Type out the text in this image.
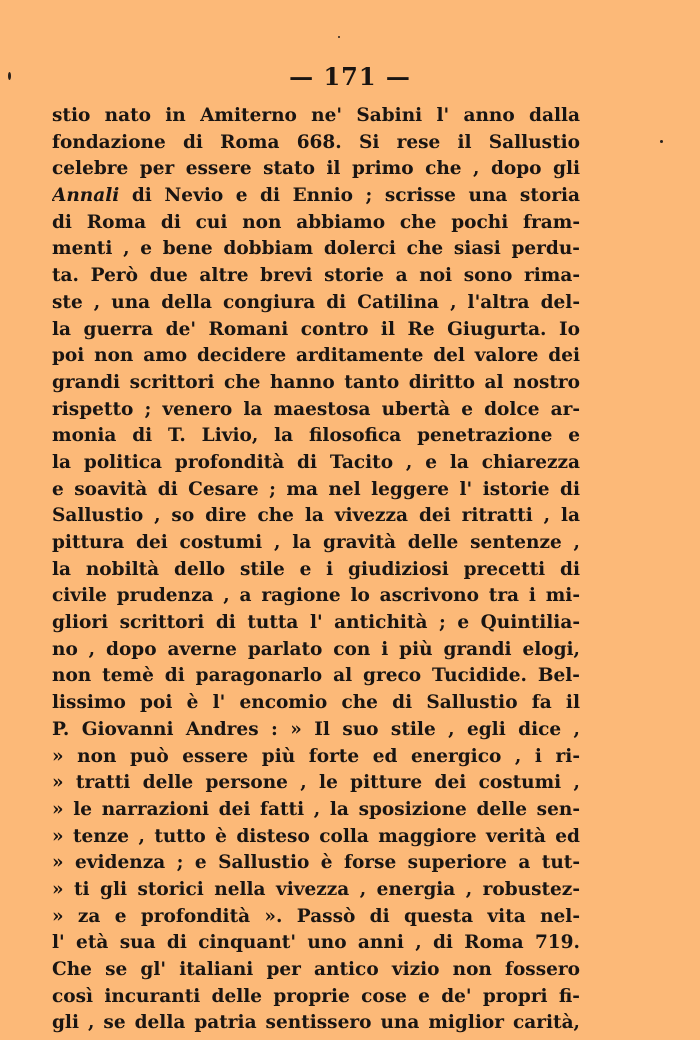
— 171 —
stio nato in Amiterno ne' Sabini l' anno dalla
fondazione di Roma 668. Si rese il Sallustio
celebre per essere stato il primo che , dopo gli
Annali di Nevio e di Ennio ; scrisse una storia
di Roma di cui non abbiamo che pochi fram-
menti , e bene dobbiam dolerci che siasi perdu-
ta. Però due altre brevi storie a noi sono rima-
ste , una della congiura di Catilina , l'altra del-
la guerra de' Romani contro il Re Giugurta. Io
poi non amo decidere arditamente del valore dei
grandi scrittori che hanno tanto diritto al nostro
rispetto ; venero la maestosa ubertà e dolce ar-
monia di T. Livio, la filosofica penetrazione e
la politica profondità di Tacito , e la chiarezza
e soavità di Cesare ; ma nel leggere l' istorie di
Sallustio , so dire che la vivezza dei ritratti , la
pittura dei costumi , la gravità delle sentenze ,
la nobiltà dello stile e i giudiziosi precetti di
civile prudenza , a ragione lo ascrivono tra i mi-
gliori scrittori di tutta l' antichità ; e Quintilia-
no , dopo averne parlato con i più grandi elogi,
non temè di paragonarlo al greco Tucidide. Bel-
lissimo poi è l' encomio che di Sallustio fa il
P. Giovanni Andres : » Il suo stile , egli dice ,
» non può essere più forte ed energico , i ri-
» tratti delle persone , le pitture dei costumi ,
» le narrazioni dei fatti , la sposizione delle sen-
» tenze , tutto è disteso colla maggiore verità ed
» evidenza ; e Sallustio è forse superiore a tut-
» ti gli storici nella vivezza , energia , robustez-
» za e profondità ». Passò di questa vita nel-
l' età sua di cinquant' uno anni , di Roma 719.
Che se gl' italiani per antico vizio non fossero
così incuranti delle proprie cose e de' propri fi-
gli , se della patria sentissero una miglior carità,
